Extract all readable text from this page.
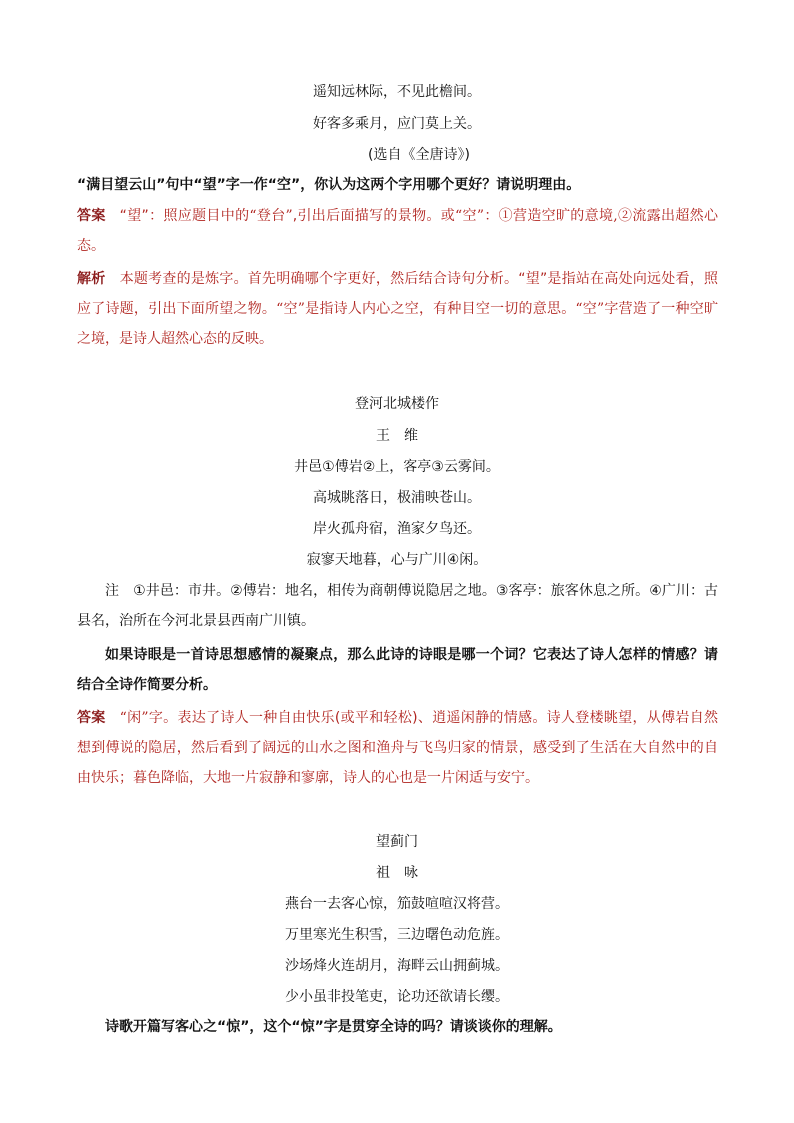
遥知远林际，不见此檐间。
好客多乘月，应门莫上关。
(选自《全唐诗》)
“满目望云山”句中“望”字一作“空”，你认为这两个字用哪个更好？请说明理由。
答案 “望”：照应题目中的“登台”,引出后面描写的景物。或“空”：①营造空旷的意境,②流露出超然心态。
解析 本题考查的是炼字。首先明确哪个字更好，然后结合诗句分析。“望”是指站在高处向远处看，照应了诗题，引出下面所望之物。“空”是指诗人内心之空，有种目空一切的意思。“空”字营造了一种空旷之境，是诗人超然心态的反映。
登河北城楼作
王　维
井邑①傅岩②上，客亭③云雾间。
高城眺落日，极浦映苍山。
岸火孤舟宿，渔家夕鸟还。
寂寥天地暮，心与广川④闲。
注 ①井邑：市井。②傅岩：地名，相传为商朝傅说隐居之地。③客亭：旅客休息之所。④广川：古县名，治所在今河北景县西南广川镇。
如果诗眼是一首诗思想感情的凝聚点，那么此诗的诗眼是哪一个词？它表达了诗人怎样的情感？请结合全诗作简要分析。
答案 “闲”字。表达了诗人一种自由快乐(或平和轻松)、逍遥闲静的情感。诗人登楼眺望，从傅岩自然想到傅说的隐居，然后看到了阔远的山水之图和渔舟与飞鸟归家的情景，感受到了生活在大自然中的自由快乐；暮色降临，大地一片寂静和寥廓，诗人的心也是一片闲适与安宁。
望蓟门
祖　咏
燕台一去客心惊，笳鼓喧喧汉将营。
万里寒光生积雪，三边曙色动危旌。
沙场烽火连胡月，海畔云山拥蓟城。
少小虽非投笔吏，论功还欲请长缨。
诗歌开篇写客心之“惊”，这个“惊”字是贯穿全诗的吗？请谈谈你的理解。
